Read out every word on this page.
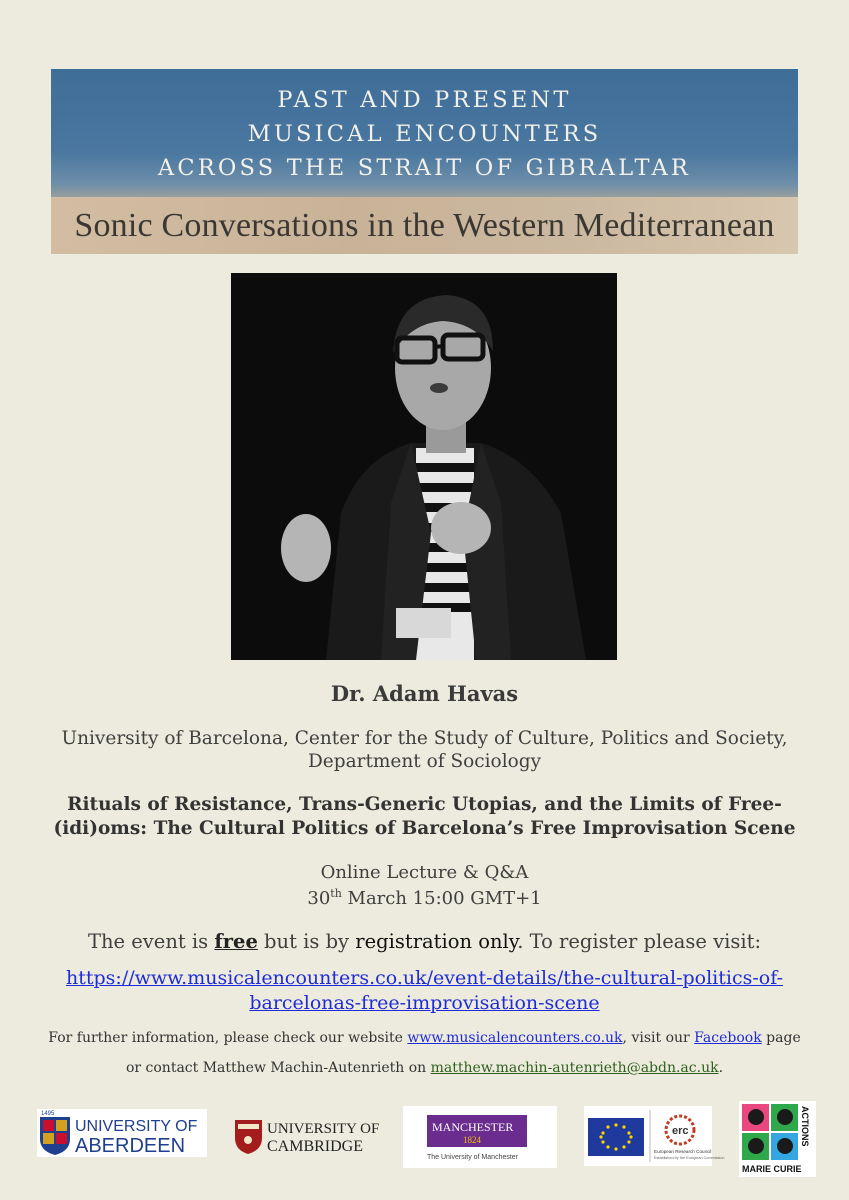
PAST AND PRESENT
MUSICAL ENCOUNTERS
ACROSS THE STRAIT OF GIBRALTAR
Sonic Conversations in the Western Mediterranean
Dr. Adam Havas
University of Barcelona, Center for the Study of Culture, Politics and Society,
Department of Sociology
Rituals of Resistance, Trans-Generic Utopias, and the Limits of Free-
(idi)oms: The Cultural Politics of Barcelona’s Free Improvisation Scene
Online Lecture & Q&A
30th March 15:00 GMT+1
The event is free but is by registration only. To register please visit:
https://www.musicalencounters.co.uk/event-details/the-cultural-politics-of-
barcelonas-free-improvisation-scene
For further information, please check our website www.musicalencounters.co.uk, visit our Facebook page
or contact Matthew Machin-Autenrieth on matthew.machin-autenrieth@abdn.ac.uk.
1495
UNIVERSITY OF
ABERDEEN
UNIVERSITY OF
CAMBRIDGE
MANCHESTER
1824
The University of Manchester
erc
European Research Council
Established by the European Commission
ACTIONS
MARIE CURIE
